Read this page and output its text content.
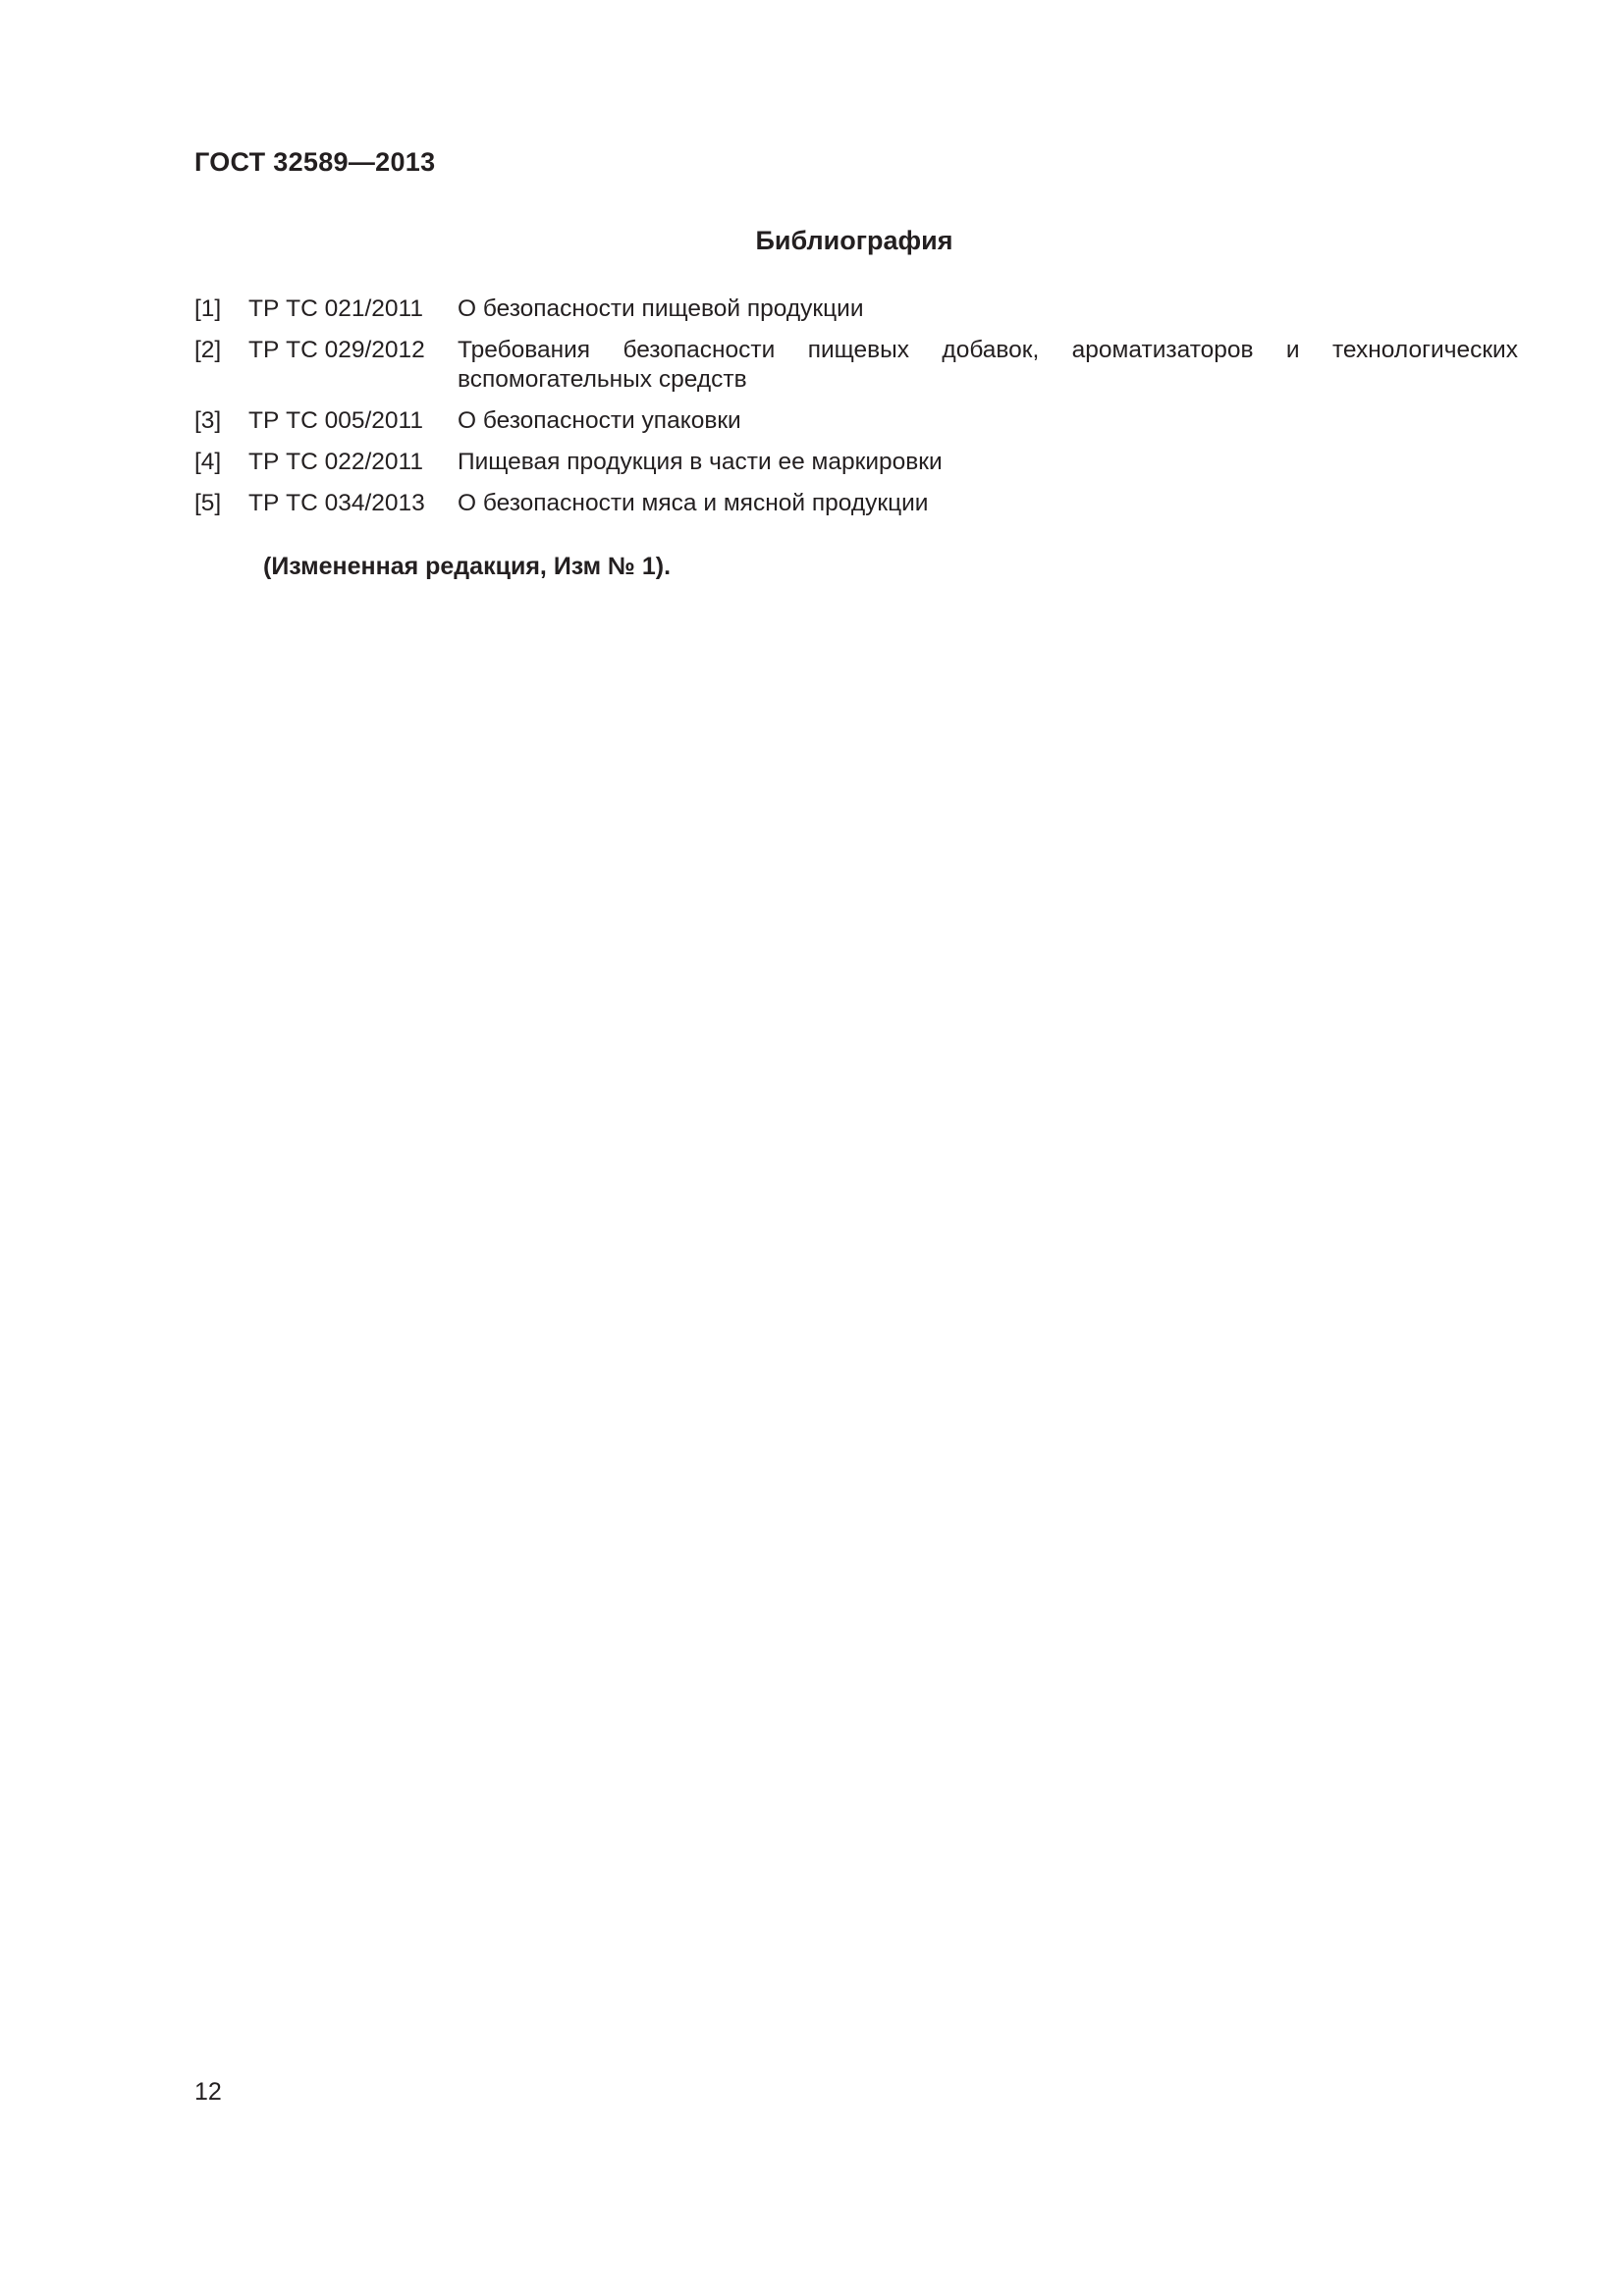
ГОСТ 32589—2013
Библиография
[1]	ТР ТС 021/2011	О безопасности пищевой продукции
[2]	ТР ТС 029/2012	Требования безопасности пищевых добавок, ароматизаторов и технологических вспомогательных средств
[3]	ТР ТС 005/2011	О безопасности упаковки
[4]	ТР ТС 022/2011	Пищевая продукция в части ее маркировки
[5]	ТР ТС 034/2013	О безопасности мяса и мясной продукции

(Измененная редакция, Изм № 1).

12
